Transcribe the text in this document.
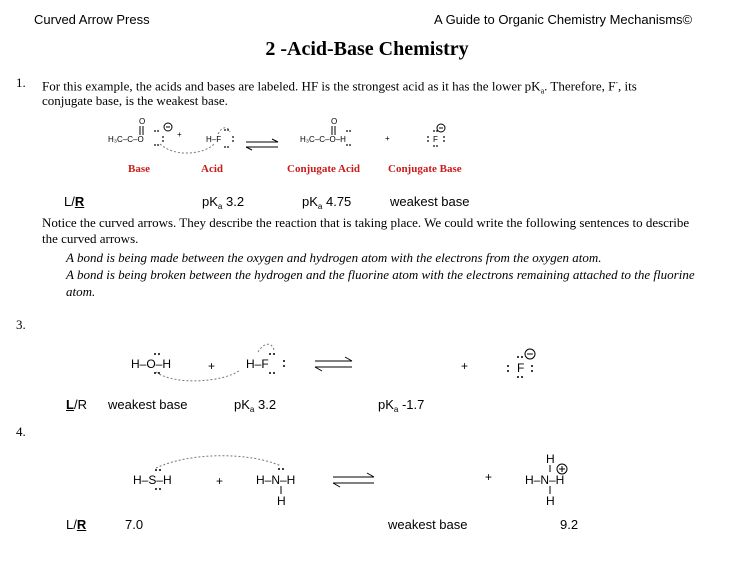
Curved Arrow Press	A Guide to Organic Chemistry Mechanisms©
2 -Acid-Base Chemistry
1. For this example, the acids and bases are labeled. HF is the strongest acid as it has the lower $pK_a$. Therefore, F-, its
conjugate base, is the weakest base.
H₃C–C–O
O
+
H–F	H₃C–C–O–H
O
+	F
Base	Acid	Conjugate Acid	Conjugate Base
L/R	$pK_a$ 3.2	$pK_a$ 4.75	weakest base
Notice the curved arrows. They describe the reaction that is taking place. We could write the following sentences to describe
the curved arrows.
A bond is being made between the oxygen and hydrogen atom with the electrons from the oxygen atom.
A bond is being broken between the hydrogen and the fluorine atom with the electrons remaining attached to the fluorine
atom.
3.
H–O–H	+	H–F	+	F
L/R weakest base	$pK_a$ 3.2	$pK_a$ -1.7
4.
H–S–H	+	H–N–H
H
+	H–N–H
H
H
L/R	7.0	weakest base	9.2
